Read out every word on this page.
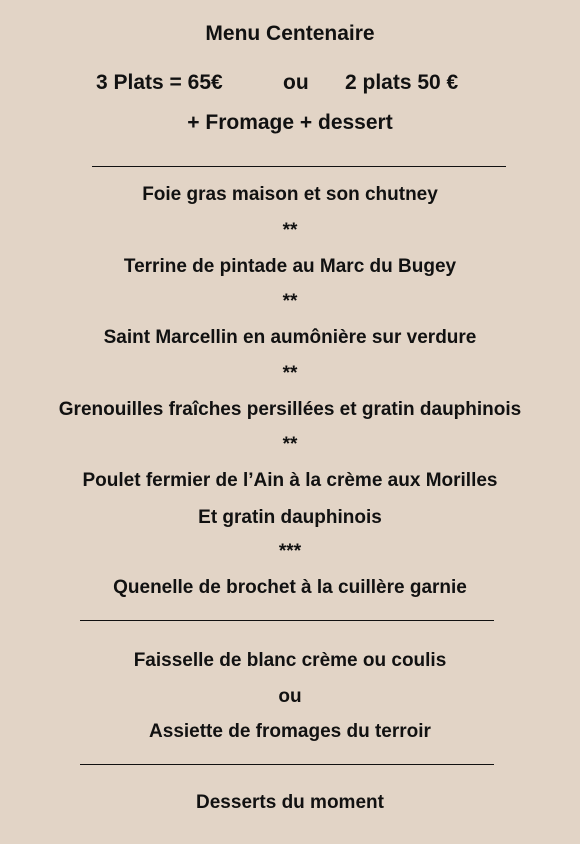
Menu Centenaire
3 Plats = 65€	ou 2 plats 50 €
+ Fromage + dessert
Foie gras maison et son chutney
**
Terrine de pintade au Marc du Bugey
**
Saint Marcellin en aumônière sur verdure
**
Grenouilles fraîches persillées et gratin dauphinois
**
Poulet fermier de l’Ain à la crème aux Morilles
Et gratin dauphinois
***
Quenelle de brochet à la cuillère garnie
Faisselle de blanc crème ou coulis
ou
Assiette de fromages du terroir
Desserts du moment
